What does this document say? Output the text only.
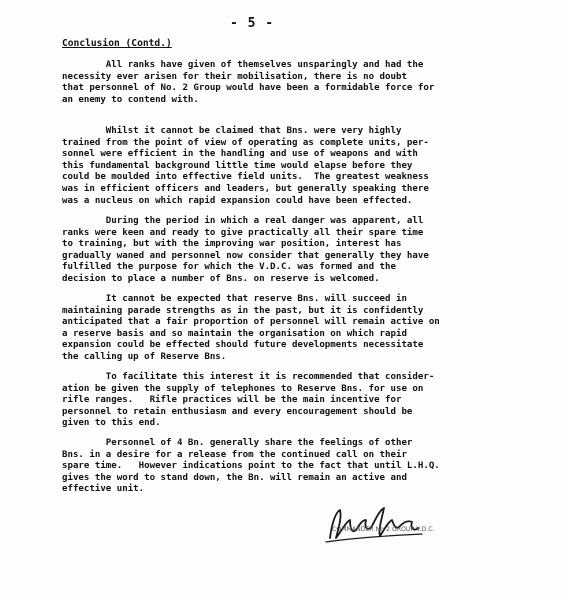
- 5 -
Conclusion (Contd.)
All ranks have given of themselves unsparingly and had the
necessity ever arisen for their mobilisation, there is no doubt
that personnel of No. 2 Group would have been a formidable force for
an enemy to contend with.
Whilst it cannot be claimed that Bns. were very highly
trained from the point of view of operating as complete units, per-
sonnel were efficient in the handling and use of weapons and with
this fundamental background little time would elapse before they
could be moulded into effective field units.  The greatest weakness
was in efficient officers and leaders, but generally speaking there
was a nucleus on which rapid expansion could have been effected.
During the period in which a real danger was apparent, all
ranks were keen and ready to give practically all their spare time
to training, but with the improving war position, interest has
gradually waned and personnel now consider that generally they have
fulfilled the purpose for which the V.D.C. was formed and the
decision to place a number of Bns. on reserve is welcomed.
It cannot be expected that reserve Bns. will succeed in
maintaining parade strengths as in the past, but it is confidently
anticipated that a fair proportion of personnel will remain active on
a reserve basis and so maintain the organisation on which rapid
expansion could be effected should future developments necessitate
the calling up of Reserve Bns.
To facilitate this interest it is recommended that consider-
ation be given the supply of telephones to Reserve Bns. for use on
rifle ranges.   Rifle practices will be the main incentive for
personnel to retain enthusiasm and every encouragement should be
given to this end.
Personnel of 4 Bn. generally share the feelings of other
Bns. in a desire for a release from the continued call on their
spare time.   However indications point to the fact that until L.H.Q.
gives the word to stand down, the Bn. will remain an active and
effective unit.
COMMANDER No 2 GROUP V.D.C.
